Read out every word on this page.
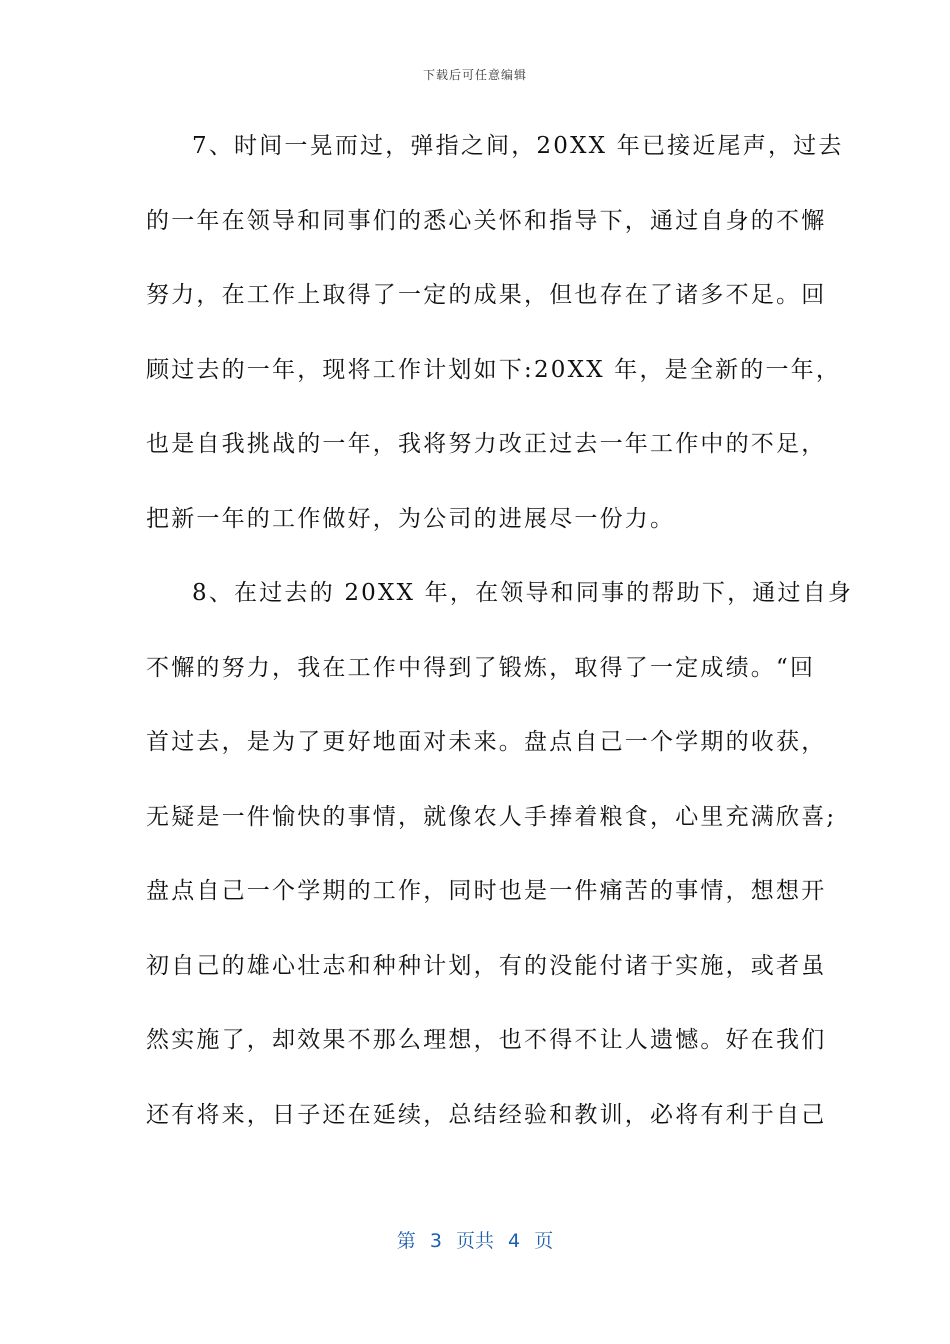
下载后可任意编辑
7、时间一晃而过，弹指之间，20XX 年已接近尾声，过去
的一年在领导和同事们的悉心关怀和指导下，通过自身的不懈
努力，在工作上取得了一定的成果，但也存在了诸多不足。回
顾过去的一年，现将工作计划如下:20XX 年，是全新的一年，
也是自我挑战的一年，我将努力改正过去一年工作中的不足，
把新一年的工作做好，为公司的进展尽一份力。
8、在过去的 20XX 年，在领导和同事的帮助下，通过自身
不懈的努力，我在工作中得到了锻炼，取得了一定成绩。“回
首过去，是为了更好地面对未来。盘点自己一个学期的收获，
无疑是一件愉快的事情，就像农人手捧着粮食，心里充满欣喜;
盘点自己一个学期的工作，同时也是一件痛苦的事情，想想开
初自己的雄心壮志和种种计划，有的没能付诸于实施，或者虽
然实施了，却效果不那么理想，也不得不让人遗憾。好在我们
还有将来，日子还在延续，总结经验和教训，必将有利于自己
第 3 页共 4 页
